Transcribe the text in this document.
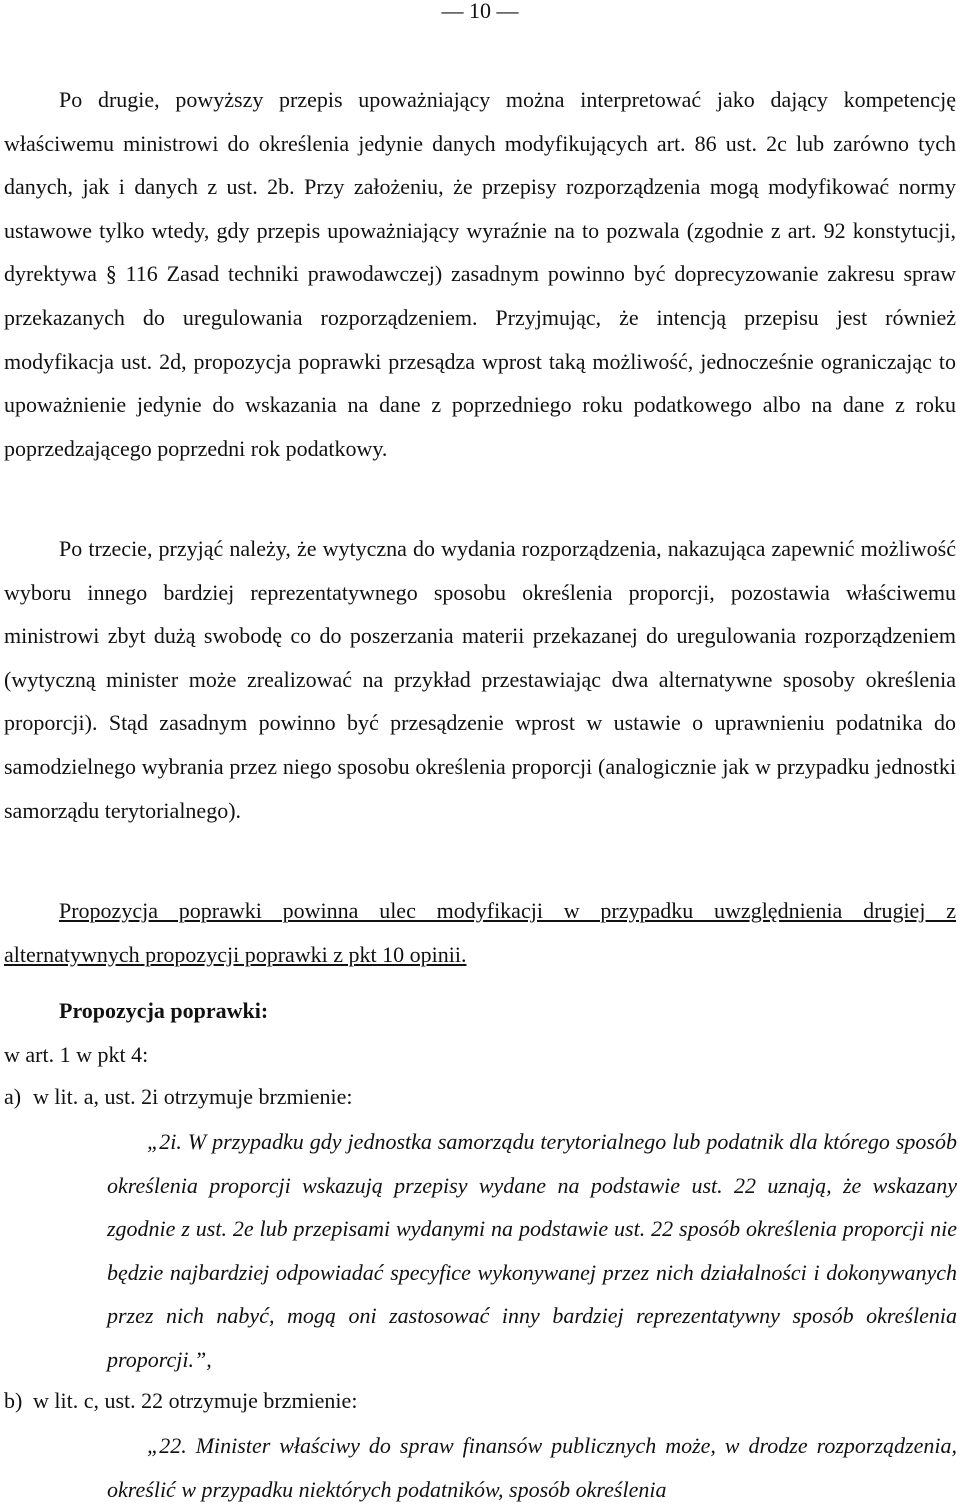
— 10 —

Po drugie, powyższy przepis upoważniający można interpretować jako dający kompetencję właściwemu ministrowi do określenia jedynie danych modyfikujących art. 86 ust. 2c lub zarówno tych danych, jak i danych z ust. 2b. Przy założeniu, że przepisy rozporządzenia mogą modyfikować normy ustawowe tylko wtedy, gdy przepis upoważniający wyraźnie na to pozwala (zgodnie z art. 92 konstytucji, dyrektywa § 116 Zasad techniki prawodawczej) zasadnym powinno być doprecyzowanie zakresu spraw przekazanych do uregulowania rozporządzeniem. Przyjmując, że intencją przepisu jest również modyfikacja ust. 2d, propozycja poprawki przesądza wprost taką możliwość, jednocześnie ograniczając to upoważnienie jedynie do wskazania na dane z poprzedniego roku podatkowego albo na dane z roku poprzedzającego poprzedni rok podatkowy.

Po trzecie, przyjąć należy, że wytyczna do wydania rozporządzenia, nakazująca zapewnić możliwość wyboru innego bardziej reprezentatywnego sposobu określenia proporcji, pozostawia właściwemu ministrowi zbyt dużą swobodę co do poszerzania materii przekazanej do uregulowania rozporządzeniem (wytyczną minister może zrealizować na przykład przestawiając dwa alternatywne sposoby określenia proporcji). Stąd zasadnym powinno być przesądzenie wprost w ustawie o uprawnieniu podatnika do samodzielnego wybrania przez niego sposobu określenia proporcji (analogicznie jak w przypadku jednostki samorządu terytorialnego).

Propozycja poprawki powinna ulec modyfikacji w przypadku uwzględnienia drugiej z alternatywnych propozycji poprawki z pkt 10 opinii.

Propozycja poprawki:

w art. 1 w pkt 4:

a) w lit. a, ust. 2i otrzymuje brzmienie:

„2i. W przypadku gdy jednostka samorządu terytorialnego lub podatnik dla którego sposób określenia proporcji wskazują przepisy wydane na podstawie ust. 22 uznają, że wskazany zgodnie z ust. 2e lub przepisami wydanymi na podstawie ust. 22 sposób określenia proporcji nie będzie najbardziej odpowiadać specyfice wykonywanej przez nich działalności i dokonywanych przez nich nabyć, mogą oni zastosować inny bardziej reprezentatywny sposób określenia proporcji.”,

b) w lit. c, ust. 22 otrzymuje brzmienie:

„22. Minister właściwy do spraw finansów publicznych może, w drodze rozporządzenia, określić w przypadku niektórych podatników, sposób określenia
